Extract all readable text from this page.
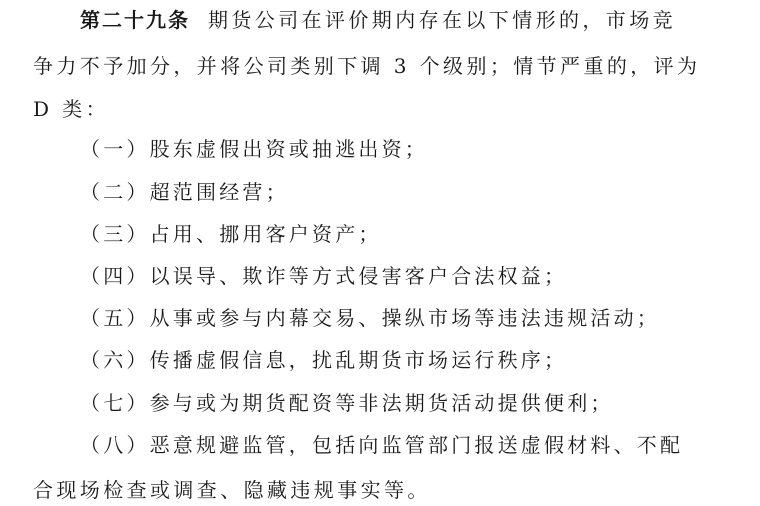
第二十九条 期货公司在评价期内存在以下情形的，市场竞
争力不予加分，并将公司类别下调 3 个级别；情节严重的，评为
D 类：
（一）股东虚假出资或抽逃出资；
（二）超范围经营；
（三）占用、挪用客户资产；
（四）以误导、欺诈等方式侵害客户合法权益；
（五）从事或参与内幕交易、操纵市场等违法违规活动；
（六）传播虚假信息，扰乱期货市场运行秩序；
（七）参与或为期货配资等非法期货活动提供便利；
（八）恶意规避监管，包括向监管部门报送虚假材料、不配
合现场检查或调查、隐藏违规事实等。
